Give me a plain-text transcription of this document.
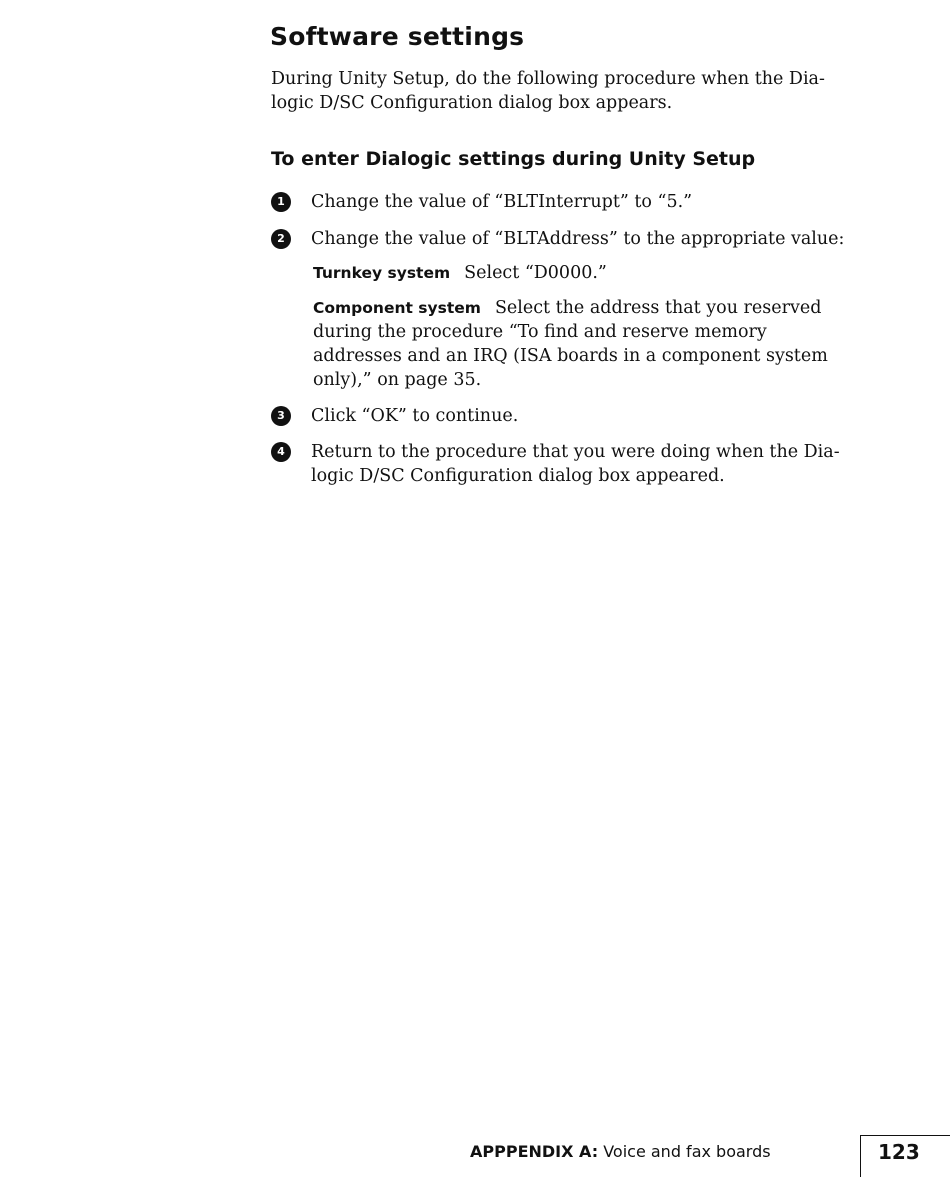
Software settings

During Unity Setup, do the following procedure when the Dia-logic D/SC Configuration dialog box appears.

To enter Dialogic settings during Unity Setup
1	Change the value of “BLTInterrupt” to “5.”

2	Change the value of “BLTAddress” to the appropriate value:

Turnkey system Select “D0000.”

Component system Select the address that you reserved during the procedure “To find and reserve memory addresses and an IRQ (ISA boards in a component system only),” on page 35.

3	Click “OK” to continue.

4	Return to the procedure that you were doing when the Dia-logic D/SC Configuration dialog box appeared.

APPPENDIX A: Voice and fax boards	123
